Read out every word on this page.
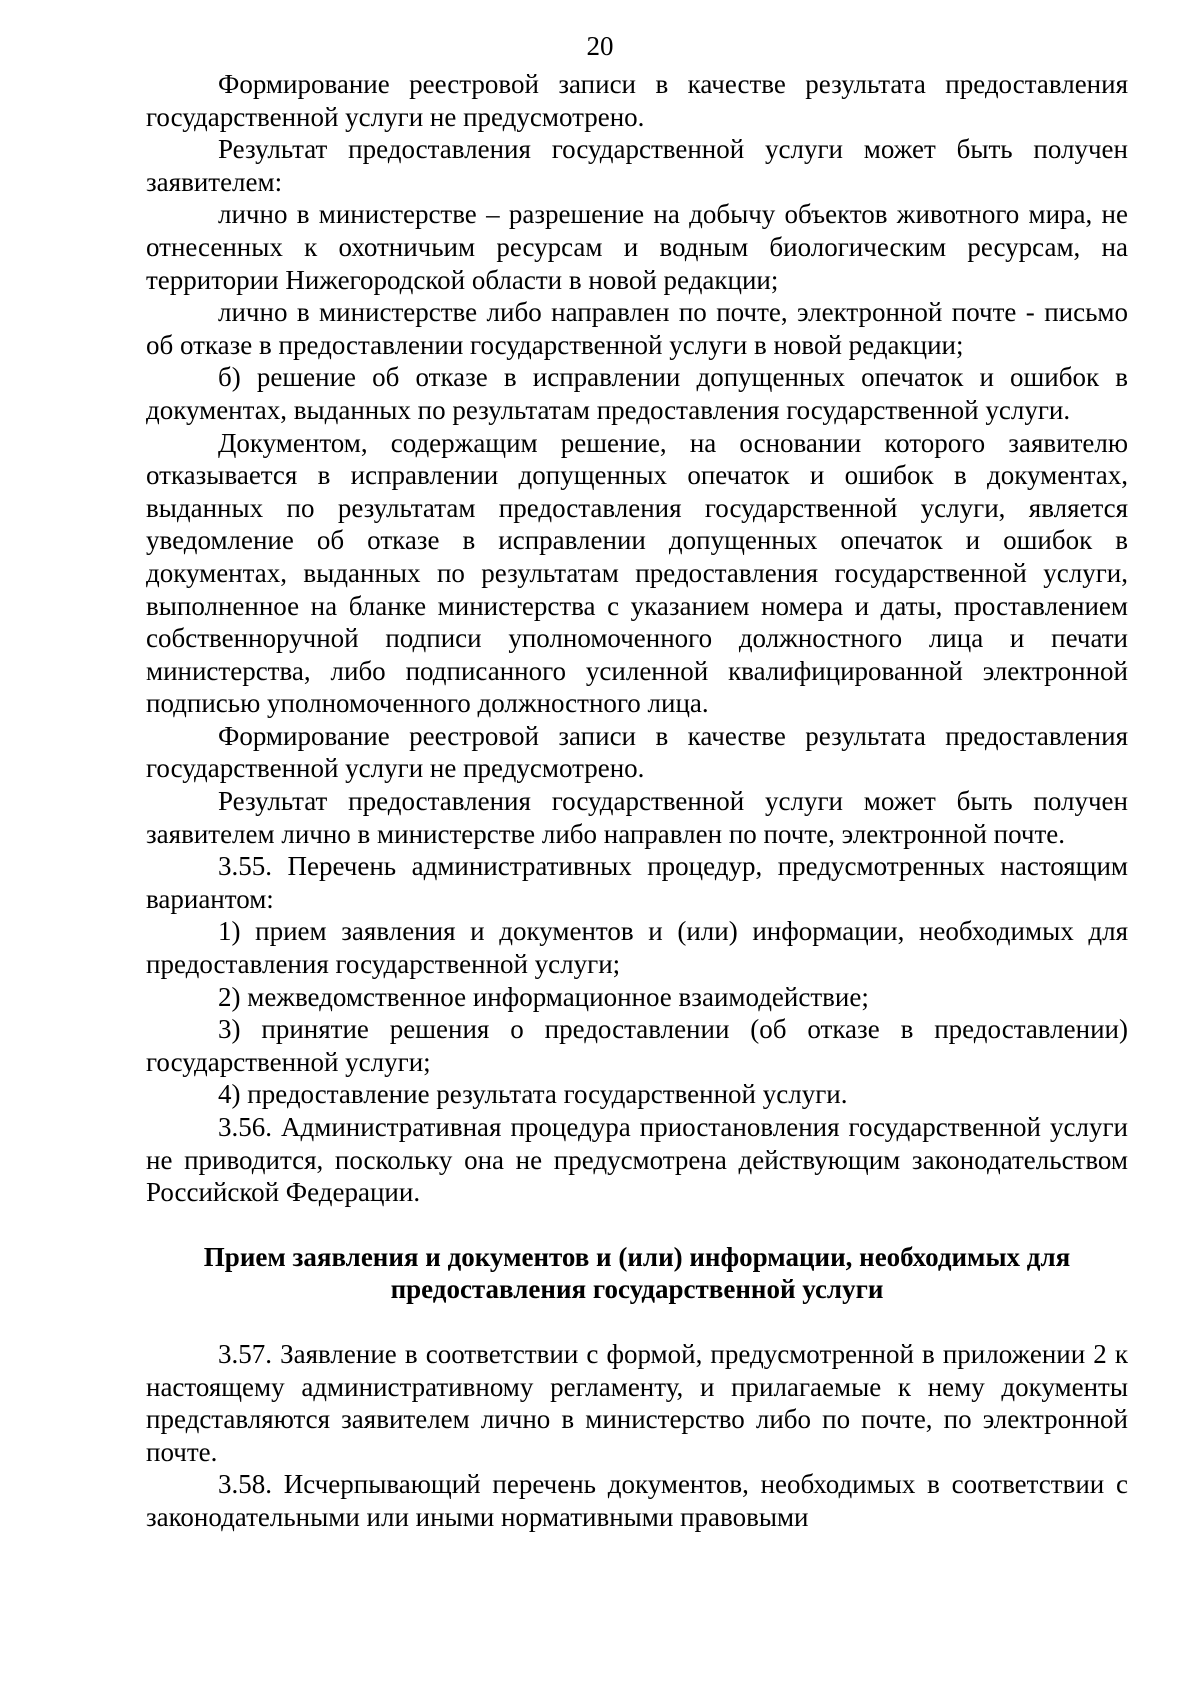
20

Формирование реестровой записи в качестве результата предоставления государственной услуги не предусмотрено.

Результат предоставления государственной услуги может быть получен заявителем:

лично в министерстве – разрешение на добычу объектов животного мира, не отнесенных к охотничьим ресурсам и водным биологическим ресурсам, на территории Нижегородской области в новой редакции;

лично в министерстве либо направлен по почте, электронной почте - письмо об отказе в предоставлении государственной услуги в новой редакции;

б) решение об отказе в исправлении допущенных опечаток и ошибок в документах, выданных по результатам предоставления государственной услуги.

Документом, содержащим решение, на основании которого заявителю отказывается в исправлении допущенных опечаток и ошибок в документах, выданных по результатам предоставления государственной услуги, является уведомление об отказе в исправлении допущенных опечаток и ошибок в документах, выданных по результатам предоставления государственной услуги, выполненное на бланке министерства с указанием номера и даты, проставлением собственноручной подписи уполномоченного должностного лица и печати министерства, либо подписанного усиленной квалифицированной электронной подписью уполномоченного должностного лица.

Формирование реестровой записи в качестве результата предоставления государственной услуги не предусмотрено.

Результат предоставления государственной услуги может быть получен заявителем лично в министерстве либо направлен по почте, электронной почте.

3.55. Перечень административных процедур, предусмотренных настоящим вариантом:

1) прием заявления и документов и (или) информации, необходимых для предоставления государственной услуги;

2) межведомственное информационное взаимодействие;

3) принятие решения о предоставлении (об отказе в предоставлении) государственной услуги;

4) предоставление результата государственной услуги.

3.56. Административная процедура приостановления государственной услуги не приводится, поскольку она не предусмотрена действующим законодательством Российской Федерации.

Прием заявления и документов и (или) информации, необходимых для
предоставления государственной услуги

3.57. Заявление в соответствии с формой, предусмотренной в приложении 2 к настоящему административному регламенту, и прилагаемые к нему документы представляются заявителем лично в министерство либо по почте, по электронной почте.

3.58. Исчерпывающий перечень документов, необходимых в соответствии с законодательными или иными нормативными правовыми
